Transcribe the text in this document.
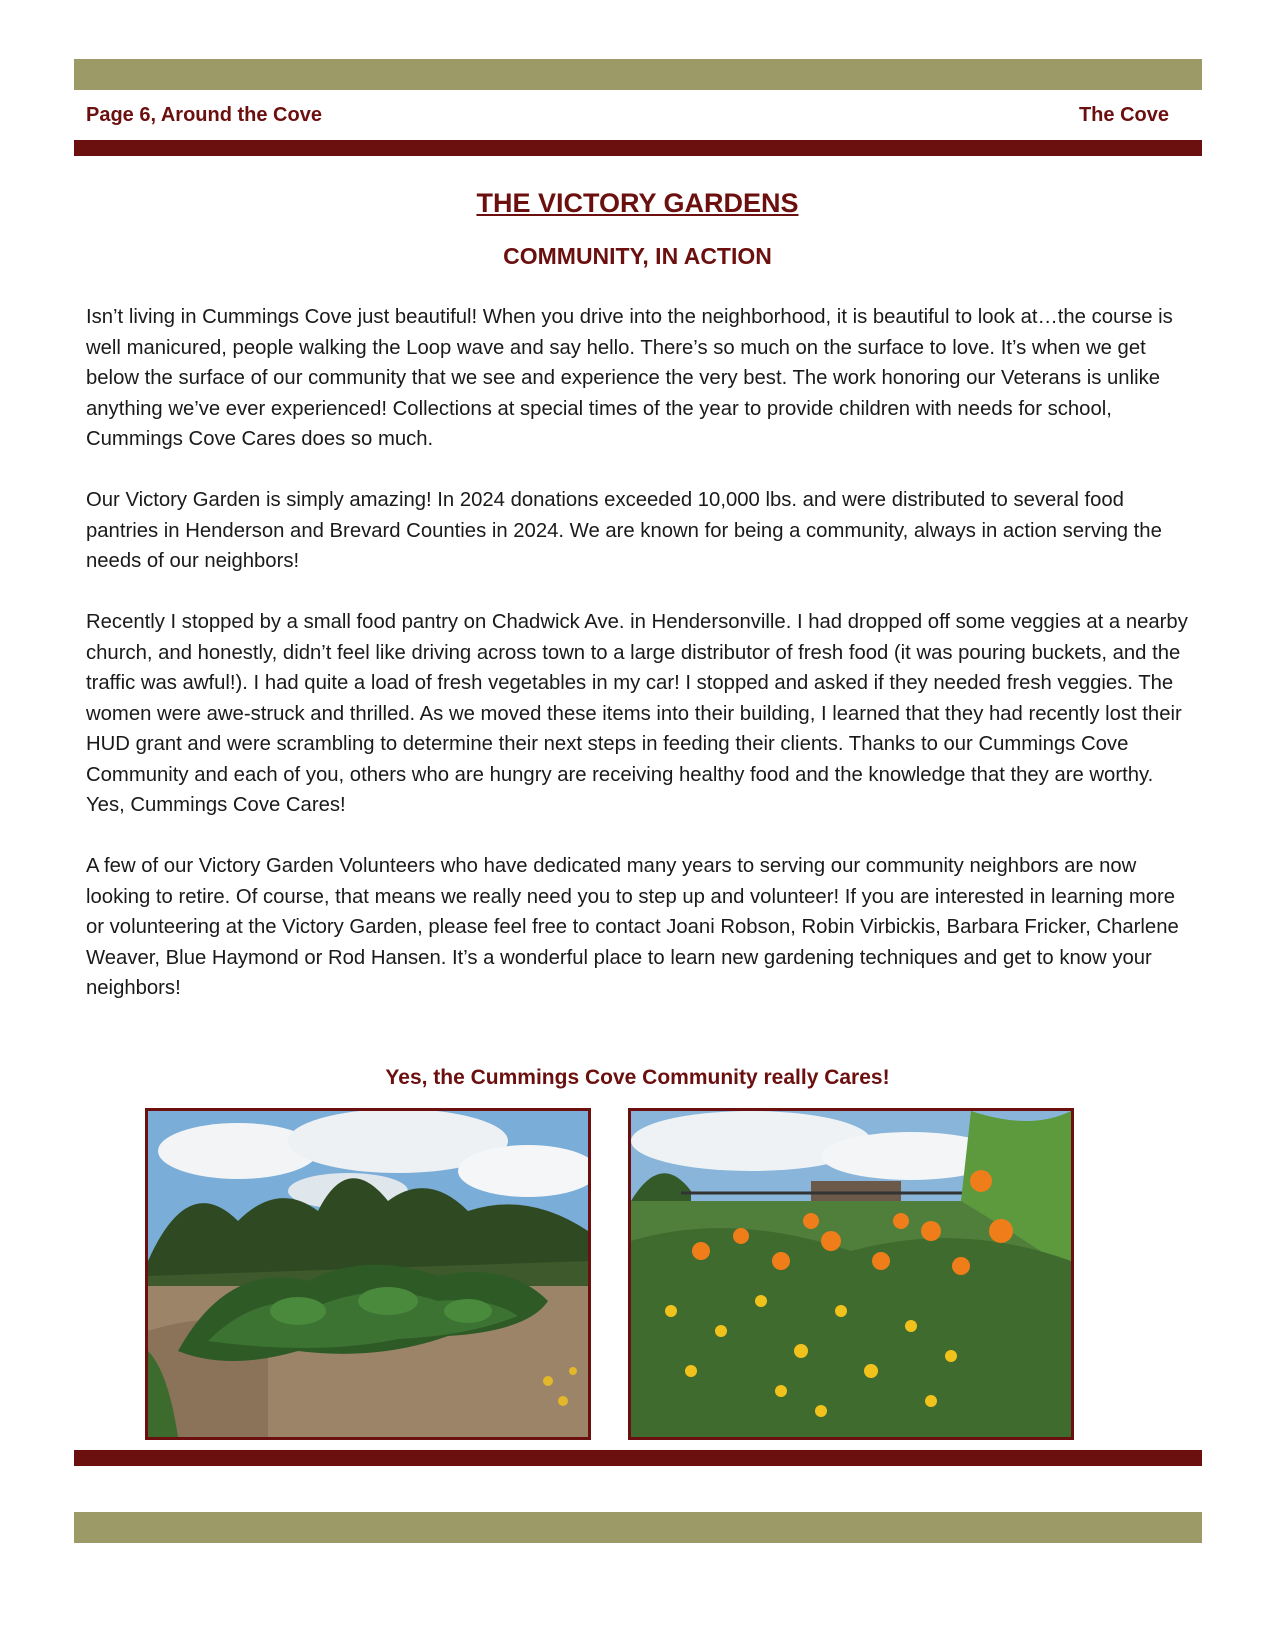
Page 6, Around the Cove	The Cove
THE VICTORY GARDENS
COMMUNITY, IN ACTION

Isn’t living in Cummings Cove just beautiful! When you drive into the neighborhood, it is beautiful to look at…the course is well manicured, people walking the Loop wave and say hello. There’s so much on the surface to love. It’s when we get below the surface of our community that we see and experience the very best. The work honoring our Veterans is unlike anything we’ve ever experienced! Collections at special times of the year to provide children with needs for school, Cummings Cove Cares does so much.

Our Victory Garden is simply amazing! In 2024 donations exceeded 10,000 lbs. and were distributed to several food pantries in Henderson and Brevard Counties in 2024. We are known for being a community, always in action serving the needs of our neighbors!

Recently I stopped by a small food pantry on Chadwick Ave. in Hendersonville. I had dropped off some veggies at a nearby church, and honestly, didn’t feel like driving across town to a large distributor of fresh food (it was pouring buckets, and the traffic was awful!). I had quite a load of fresh vegetables in my car! I stopped and asked if they needed fresh veggies. The women were awe-struck and thrilled. As we moved these items into their building, I learned that they had recently lost their HUD grant and were scrambling to determine their next steps in feeding their clients. Thanks to our Cummings Cove Community and each of you, others who are hungry are receiving healthy food and the knowledge that they are worthy. Yes, Cummings Cove Cares!

A few of our Victory Garden Volunteers who have dedicated many years to serving our community neighbors are now looking to retire. Of course, that means we really need you to step up and volunteer! If you are interested in learning more or volunteering at the Victory Garden, please feel free to contact Joani Robson, Robin Virbickis, Barbara Fricker, Charlene Weaver, Blue Haymond or Rod Hansen. It’s a wonderful place to learn new gardening techniques and get to know your neighbors!

Yes, the Cummings Cove Community really Cares!
